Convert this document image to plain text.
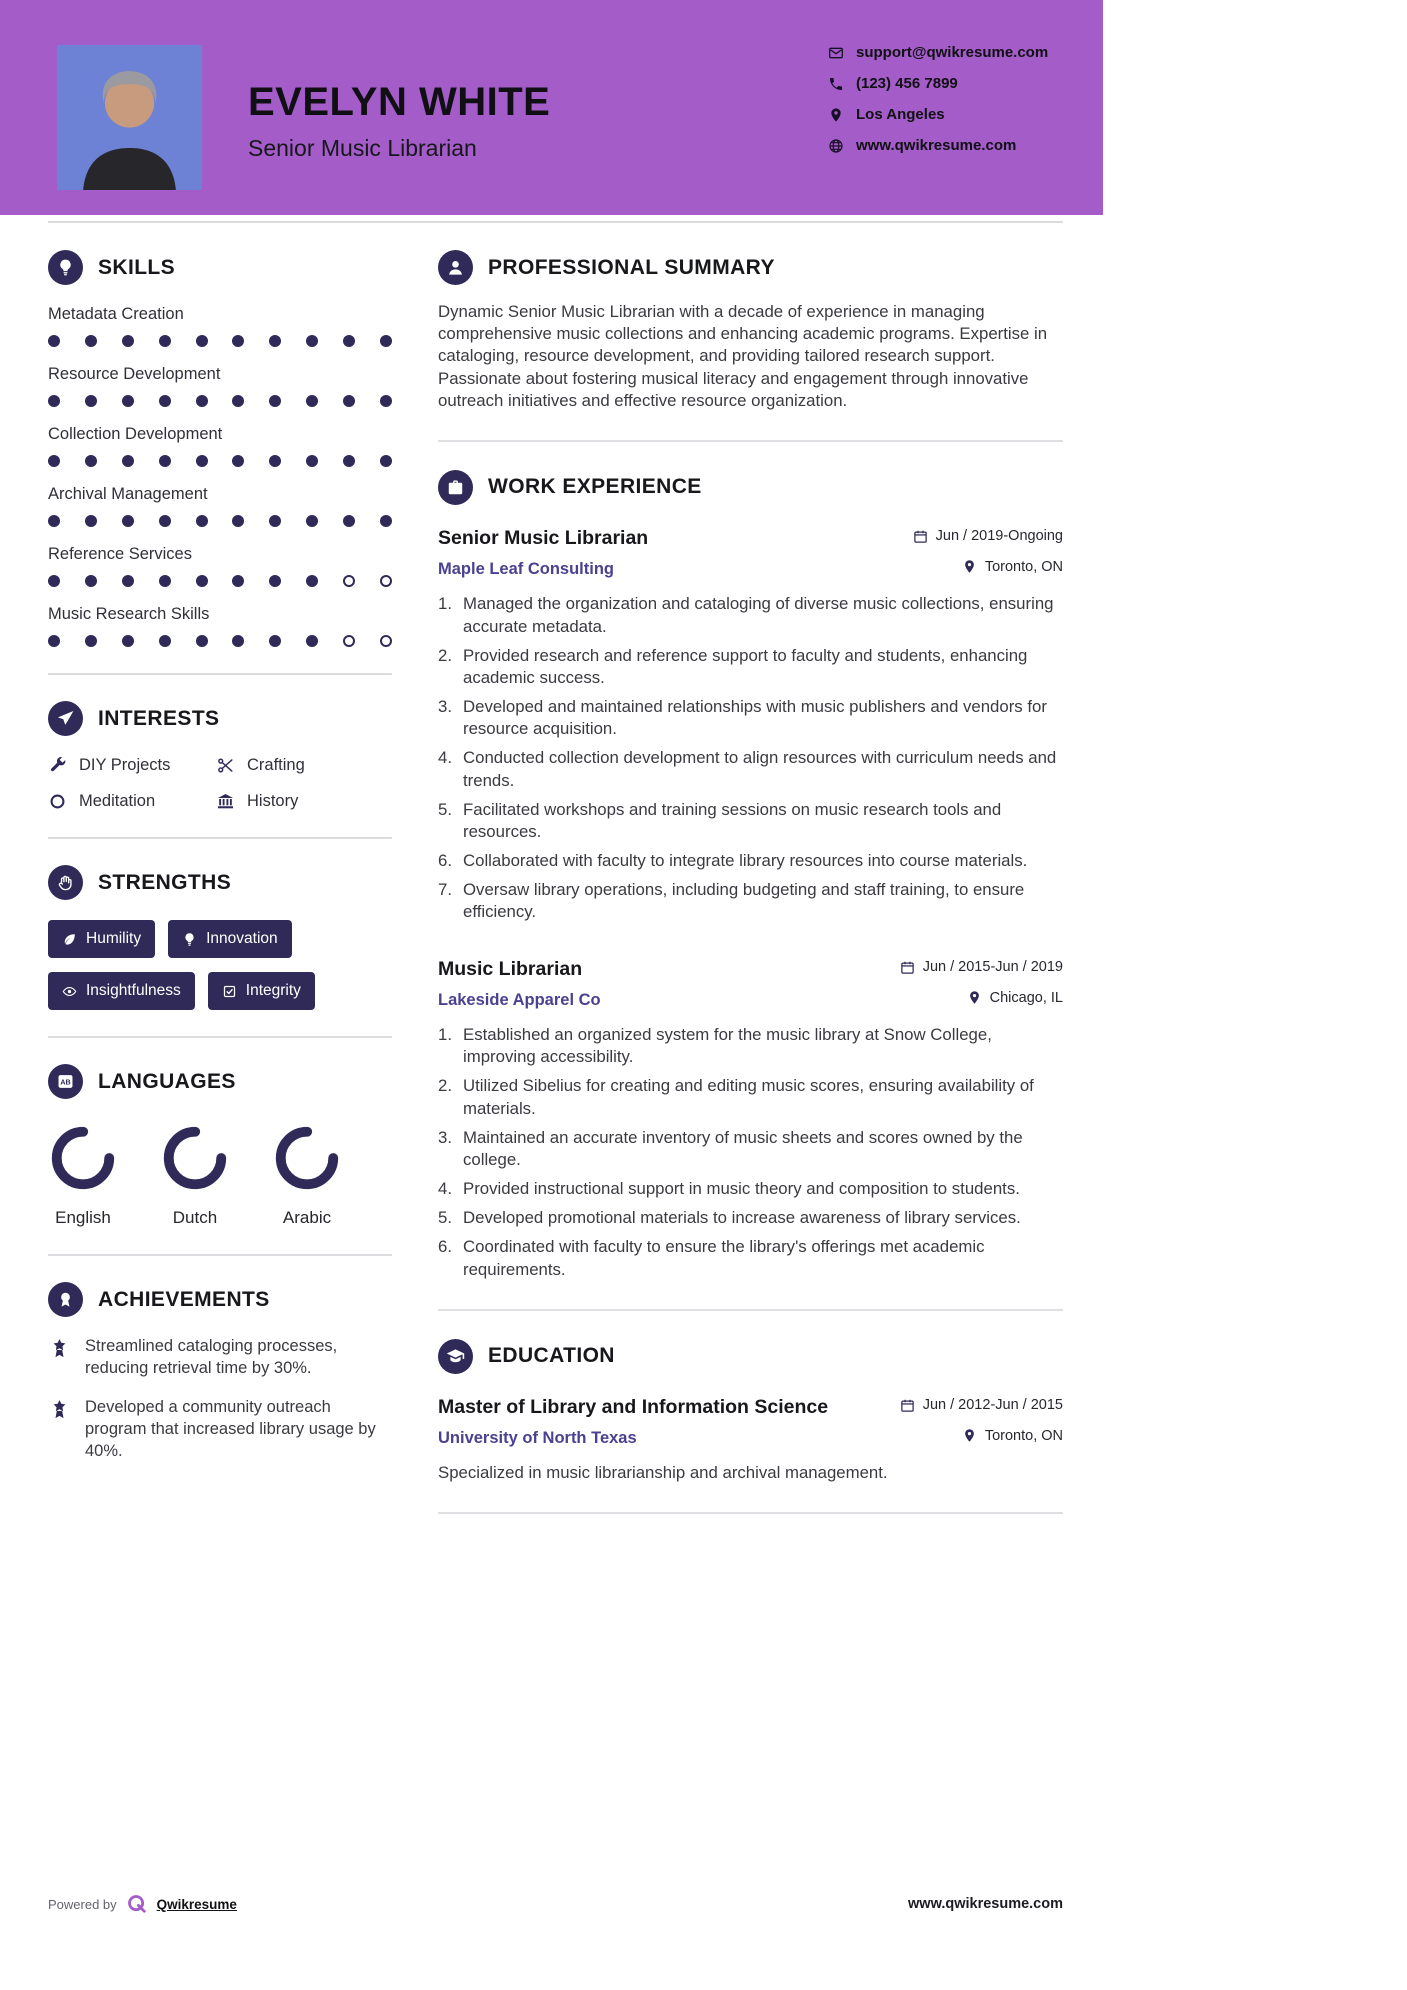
EVELYN WHITE
Senior Music Librarian
support@qwikresume.com
(123) 456 7899
Los Angeles
www.qwikresume.com
SKILLS
Metadata Creation
Resource Development
Collection Development
Archival Management
Reference Services
Music Research Skills
INTERESTS
DIY Projects	Crafting
Meditation	History
STRENGTHS
Humility	Innovation
Insightfulness	Integrity
AB LANGUAGES
English	Dutch	Arabic
ACHIEVEMENTS
Streamlined cataloging processes, reducing retrieval time by 30%.
Developed a community outreach program that increased library usage by 40%.
PROFESSIONAL SUMMARY

Dynamic Senior Music Librarian with a decade of experience in managing comprehensive music collections and enhancing academic programs. Expertise in cataloging, resource development, and providing tailored research support. Passionate about fostering musical literacy and engagement through innovative outreach initiatives and effective resource organization.

WORK EXPERIENCE
Senior Music Librarian	Jun / 2019-Ongoing
Maple Leaf Consulting	Toronto, ON
Managed the organization and cataloging of diverse music collections, ensuring accurate metadata.
Provided research and reference support to faculty and students, enhancing academic success.
Developed and maintained relationships with music publishers and vendors for resource acquisition.
Conducted collection development to align resources with curriculum needs and trends.
Facilitated workshops and training sessions on music research tools and resources.
Collaborated with faculty to integrate library resources into course materials.
Oversaw library operations, including budgeting and staff training, to ensure efficiency.
Music Librarian	Jun / 2015-Jun / 2019
Lakeside Apparel Co	Chicago, IL
Established an organized system for the music library at Snow College, improving accessibility.
Utilized Sibelius for creating and editing music scores, ensuring availability of materials.
Maintained an accurate inventory of music sheets and scores owned by the college.
Provided instructional support in music theory and composition to students.
Developed promotional materials to increase awareness of library services.
Coordinated with faculty to ensure the library's offerings met academic requirements.
EDUCATION
Master of Library and Information Science	Jun / 2012-Jun / 2015
University of North Texas	Toronto, ON

Specialized in music librarianship and archival management.

Powered by	Qwikresume	www.qwikresume.com
